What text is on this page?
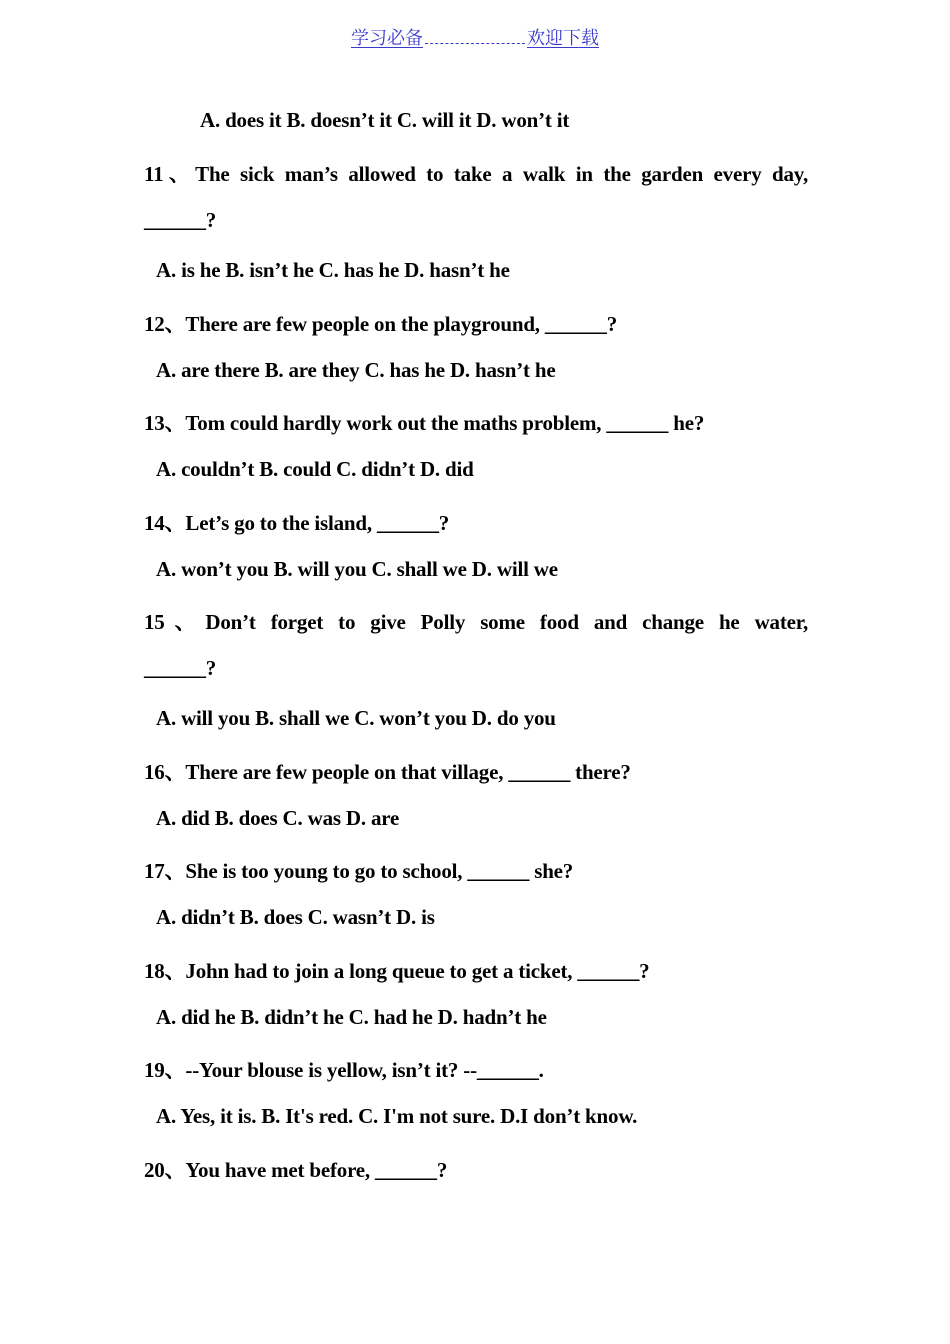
学习必备	欢迎下载
A. does it B. doesn’t it C. will it D. won’t it
11、The sick man’s allowed to take a walk in the garden every day,
______?
A. is he B. isn’t he C. has he D. hasn’t he
12、There are few people on the playground, ______?
A. are there B. are they C. has he D. hasn’t he
13、Tom could hardly work out the maths problem, ______ he?
A. couldn’t B. could C. didn’t D. did
14、Let’s go to the island, ______?
A. won’t you B. will you C. shall we D. will we
15、Don’t forget to give Polly some food and change he water,
______?
A. will you B. shall we C. won’t you D. do you
16、There are few people on that village, ______ there?
A. did B. does C. was D. are
17、She is too young to go to school, ______ she?
A. didn’t B. does C. wasn’t D. is
18、John had to join a long queue to get a ticket, ______?
A. did he B. didn’t he C. had he D. hadn’t he
19、--Your blouse is yellow, isn’t it? --______.
A. Yes, it is. B. It's red. C. I'm not sure. D.I don’t know.
20、You have met before, ______?
